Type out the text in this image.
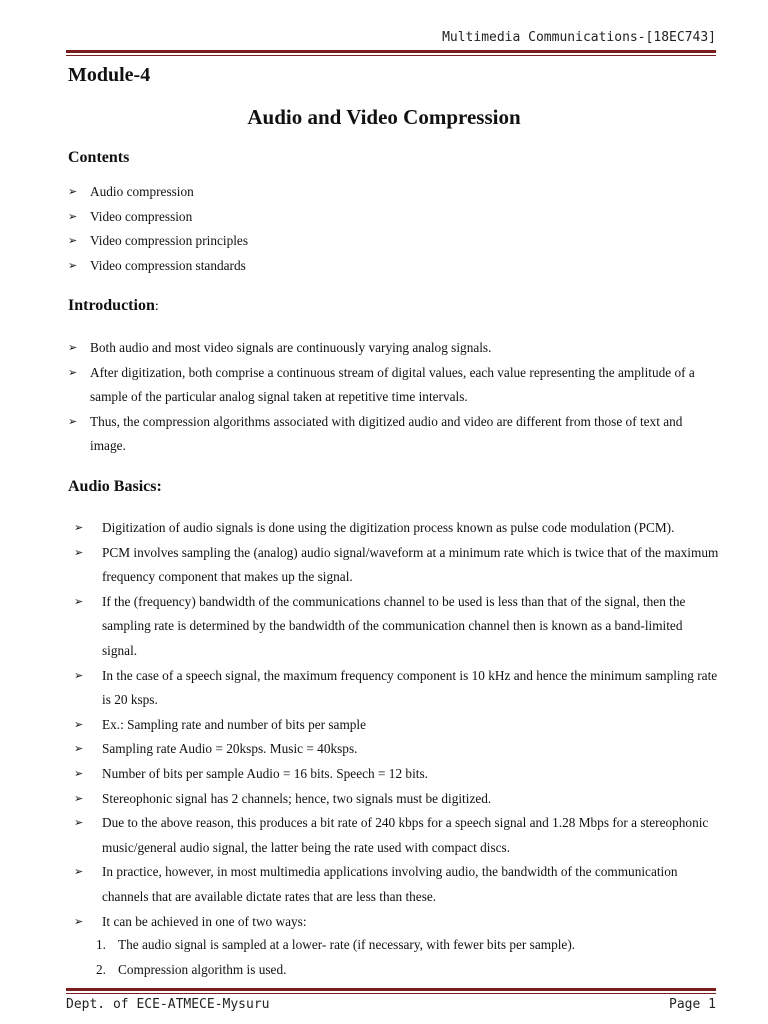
Multimedia Communications-[18EC743]
Module-4
Audio and Video Compression
Contents
➢ Audio compression
➢ Video compression
➢ Video compression principles
➢ Video compression standards
Introduction:
➢ Both audio and most video signals are continuously varying analog signals.
➢ After digitization, both comprise a continuous stream of digital values, each value representing the amplitude of a sample of the particular analog signal taken at repetitive time intervals.
➢ Thus, the compression algorithms associated with digitized audio and video are different from those of text and image.
Audio Basics:
➢ Digitization of audio signals is done using the digitization process known as pulse code modulation (PCM).
➢ PCM involves sampling the (analog) audio signal/waveform at a minimum rate which is twice that of the maximum frequency component that makes up the signal.
➢ If the (frequency) bandwidth of the communications channel to be used is less than that of the signal, then the sampling rate is determined by the bandwidth of the communication channel then is known as a band-limited signal.
➢ In the case of a speech signal, the maximum frequency component is 10 kHz and hence the minimum sampling rate is 20 ksps.
➢ Ex.: Sampling rate and number of bits per sample
➢ Sampling rate Audio = 20ksps. Music = 40ksps.
➢ Number of bits per sample Audio = 16 bits. Speech = 12 bits.
➢ Stereophonic signal has 2 channels; hence, two signals must be digitized.
➢ Due to the above reason, this produces a bit rate of 240 kbps for a speech signal and 1.28 Mbps for a stereophonic music/general audio signal, the latter being the rate used with compact discs.
➢ In practice, however, in most multimedia applications involving audio, the bandwidth of the communication channels that are available dictate rates that are less than these.
➢ It can be achieved in one of two ways:
1. The audio signal is sampled at a lower- rate (if necessary, with fewer bits per sample).
2. Compression algorithm is used.
Dept. of ECE-ATMECE-Mysuru	Page 1
